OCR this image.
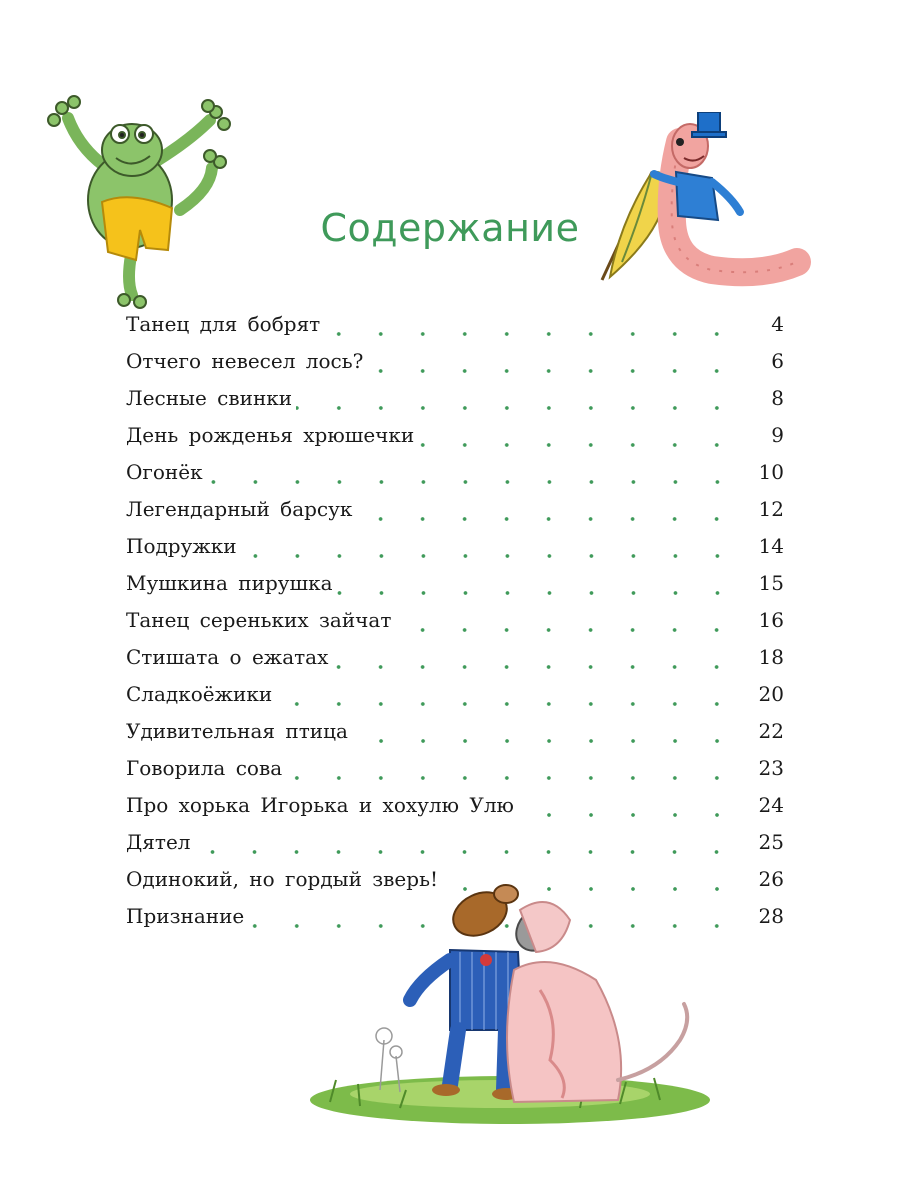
Содержание
Танец для бобрят	4
Отчего невесел лось?	6
Лесные свинки	8
День рожденья хрюшечки	9
Огонёк	10
Легендарный барсук	12
Подружки	14
Мушкина пирушка	15
Танец сереньких зайчат	16
Стишата о ежатах	18
Сладкоёжики	20
Удивительная птица	22
Говорила сова	23
Про хорька Игорька и хохулю Улю	24
Дятел	25
Одинокий, но гордый зверь!	26
Признание	28
